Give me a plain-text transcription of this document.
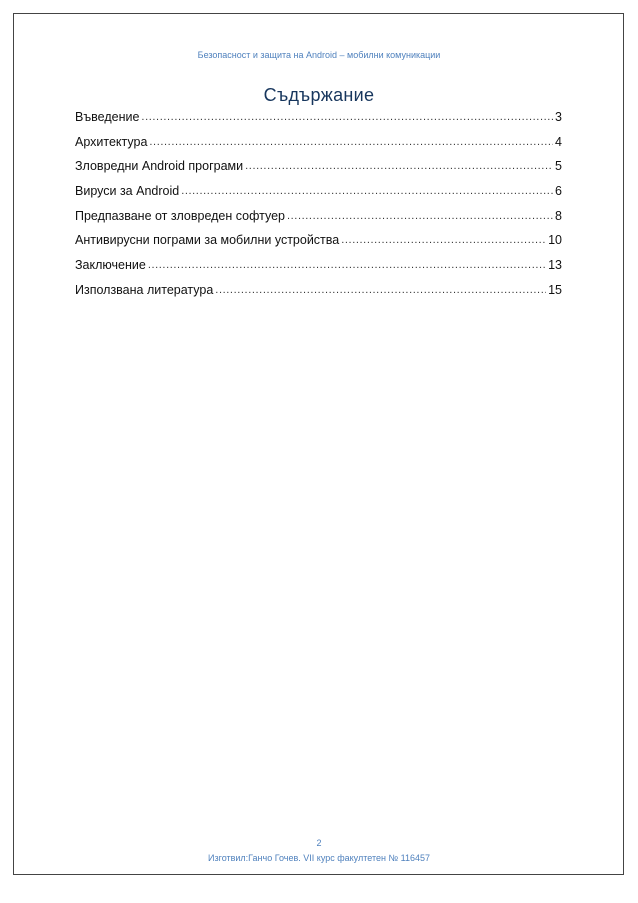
Безопасност и защита на Android – мобилни комуникации
Съдържание
Въведение .....	3
Архитектура .....	4
Зловредни Android програми .....	5
Вируси за Android .....	6
Предпазване от зловреден софтуер .....	8
Антивирусни пограми за мобилни устройства .....	10
Заключение .....	13
Използвана литература .....	15
2
Изготвил:Ганчо Гочев. VII курс факултетен № 116457
